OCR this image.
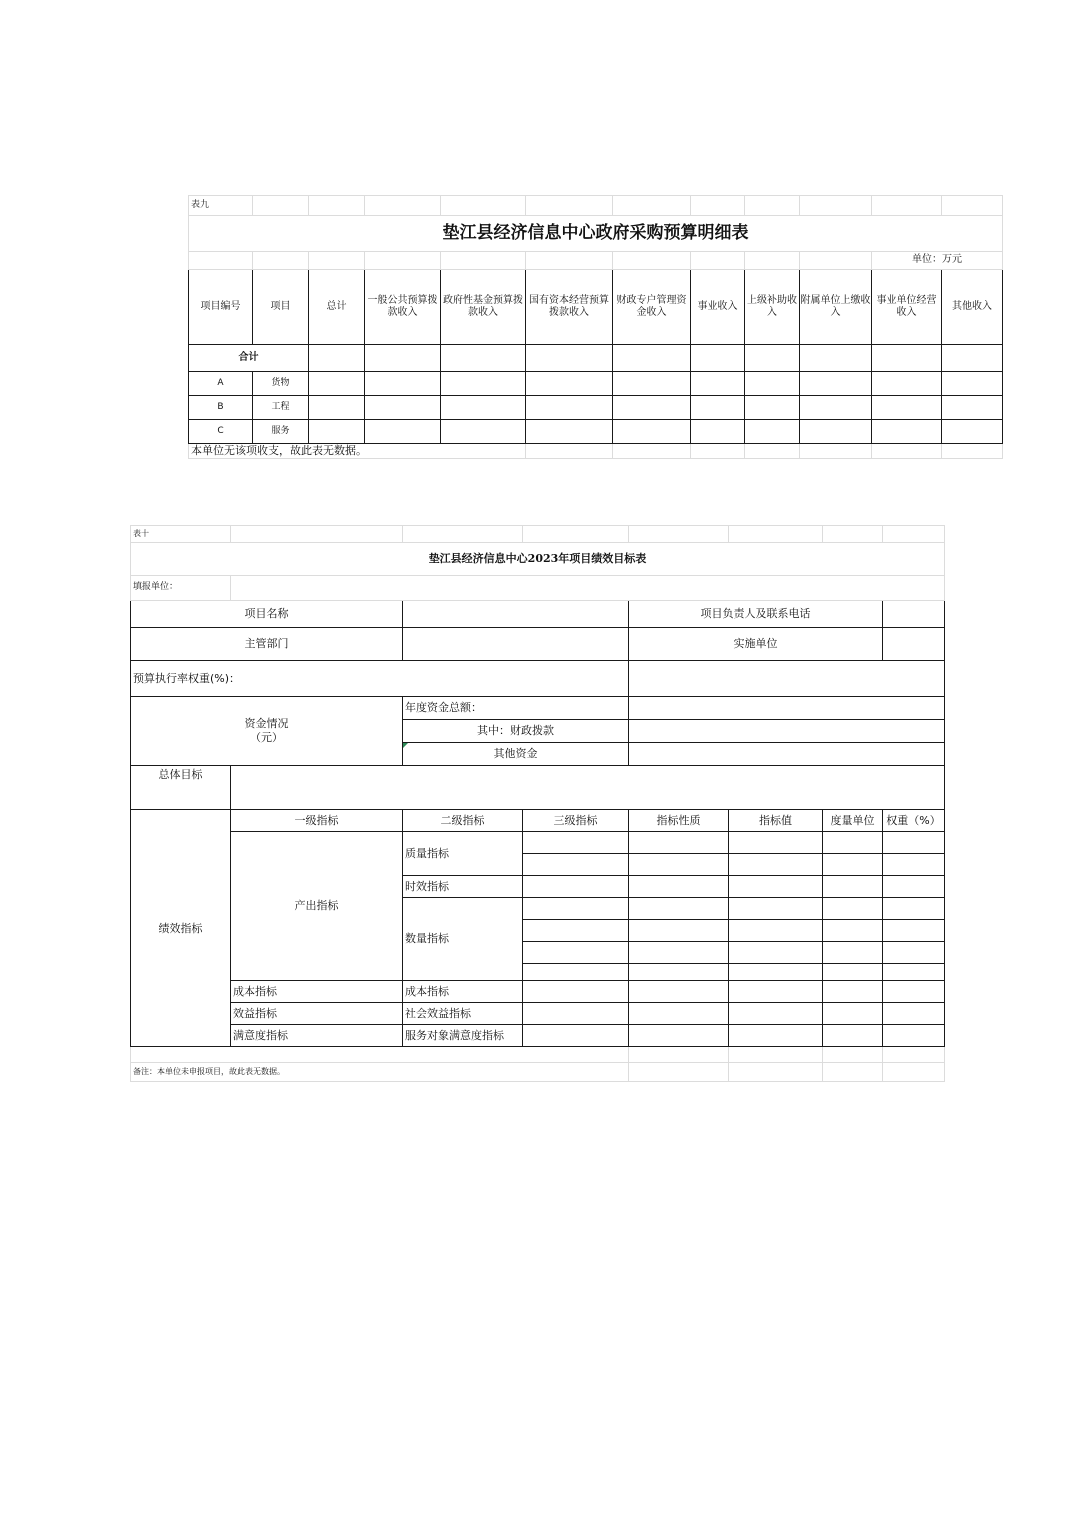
表九											
垫江县经济信息中心政府采购预算明细表											
										单位：万元	
项目编号	项目	总计	一般公共预算拨款收入	政府性基金预算拨款收入	国有资本经营预算拨款收入	财政专户管理资金收入	事业收入	上级补助收入	附属单位上缴收入	事业单位经营收入	其他收入
合计											
A	货物										
B	工程										
C	服务										
本单位无该项收支，故此表无数据。											
表十							
垫江县经济信息中心2023年项目绩效目标表							
填报单位：							
项目名称				项目负责人及联系电话			
主管部门				实施单位			
预算执行率权重(%)：							

资金情况
（元）		年度资金总额：					
		其中：财政拨款					
		其他资金					
总体目标							
绩效指标	一级指标	二级指标	三级指标	指标性质	指标值	度量单位	权重（%）
	产出指标	质量指标					

		时效指标					
		数量指标					

	成本指标	成本指标					
	效益指标	社会效益指标					
	满意度指标	服务对象满意度指标					

备注：本单位未申报项目，故此表无数据。							
